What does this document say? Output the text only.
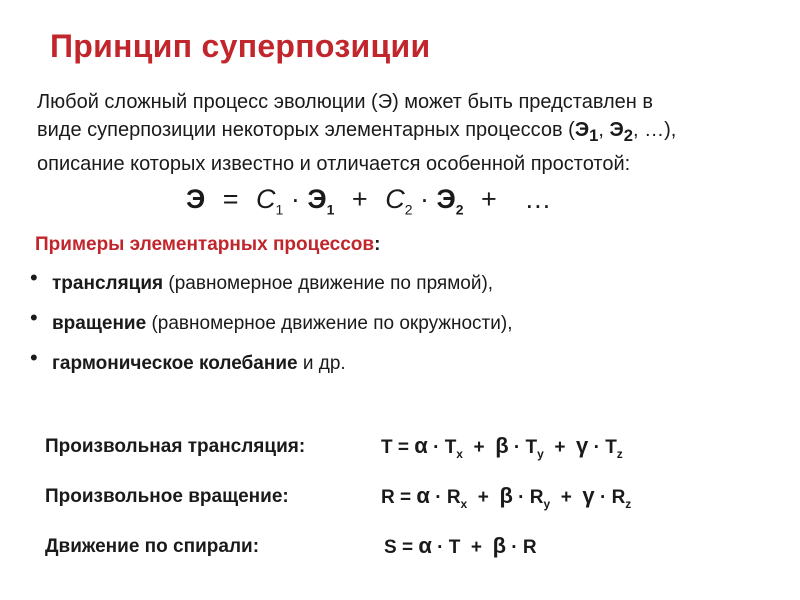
Принцип суперпозиции

Любой сложный процесс эволюции (Э) может быть представлен в
виде суперпозиции некоторых элементарных процессов ($Э_1$, $Э_2$, …),
описание которых известно и отличается особенной простотой:

$Э = C_1 \cdot Э_1 + C_2 \cdot Э_2$ + …
Примеры элементарных процессов:
• трансляция (равномерное движение по прямой),
• вращение (равномерное движение по окружности),
• гармоническое колебание и др.
Произвольная трансляция:	$T = \alpha \cdot T_x + \beta \cdot T_y + \gamma \cdot T_z$
Произвольное вращение:	$R = \alpha \cdot R_x + \beta \cdot R_y + \gamma \cdot R_z$
Движение по спирали:	S = α · T  +  β · R
